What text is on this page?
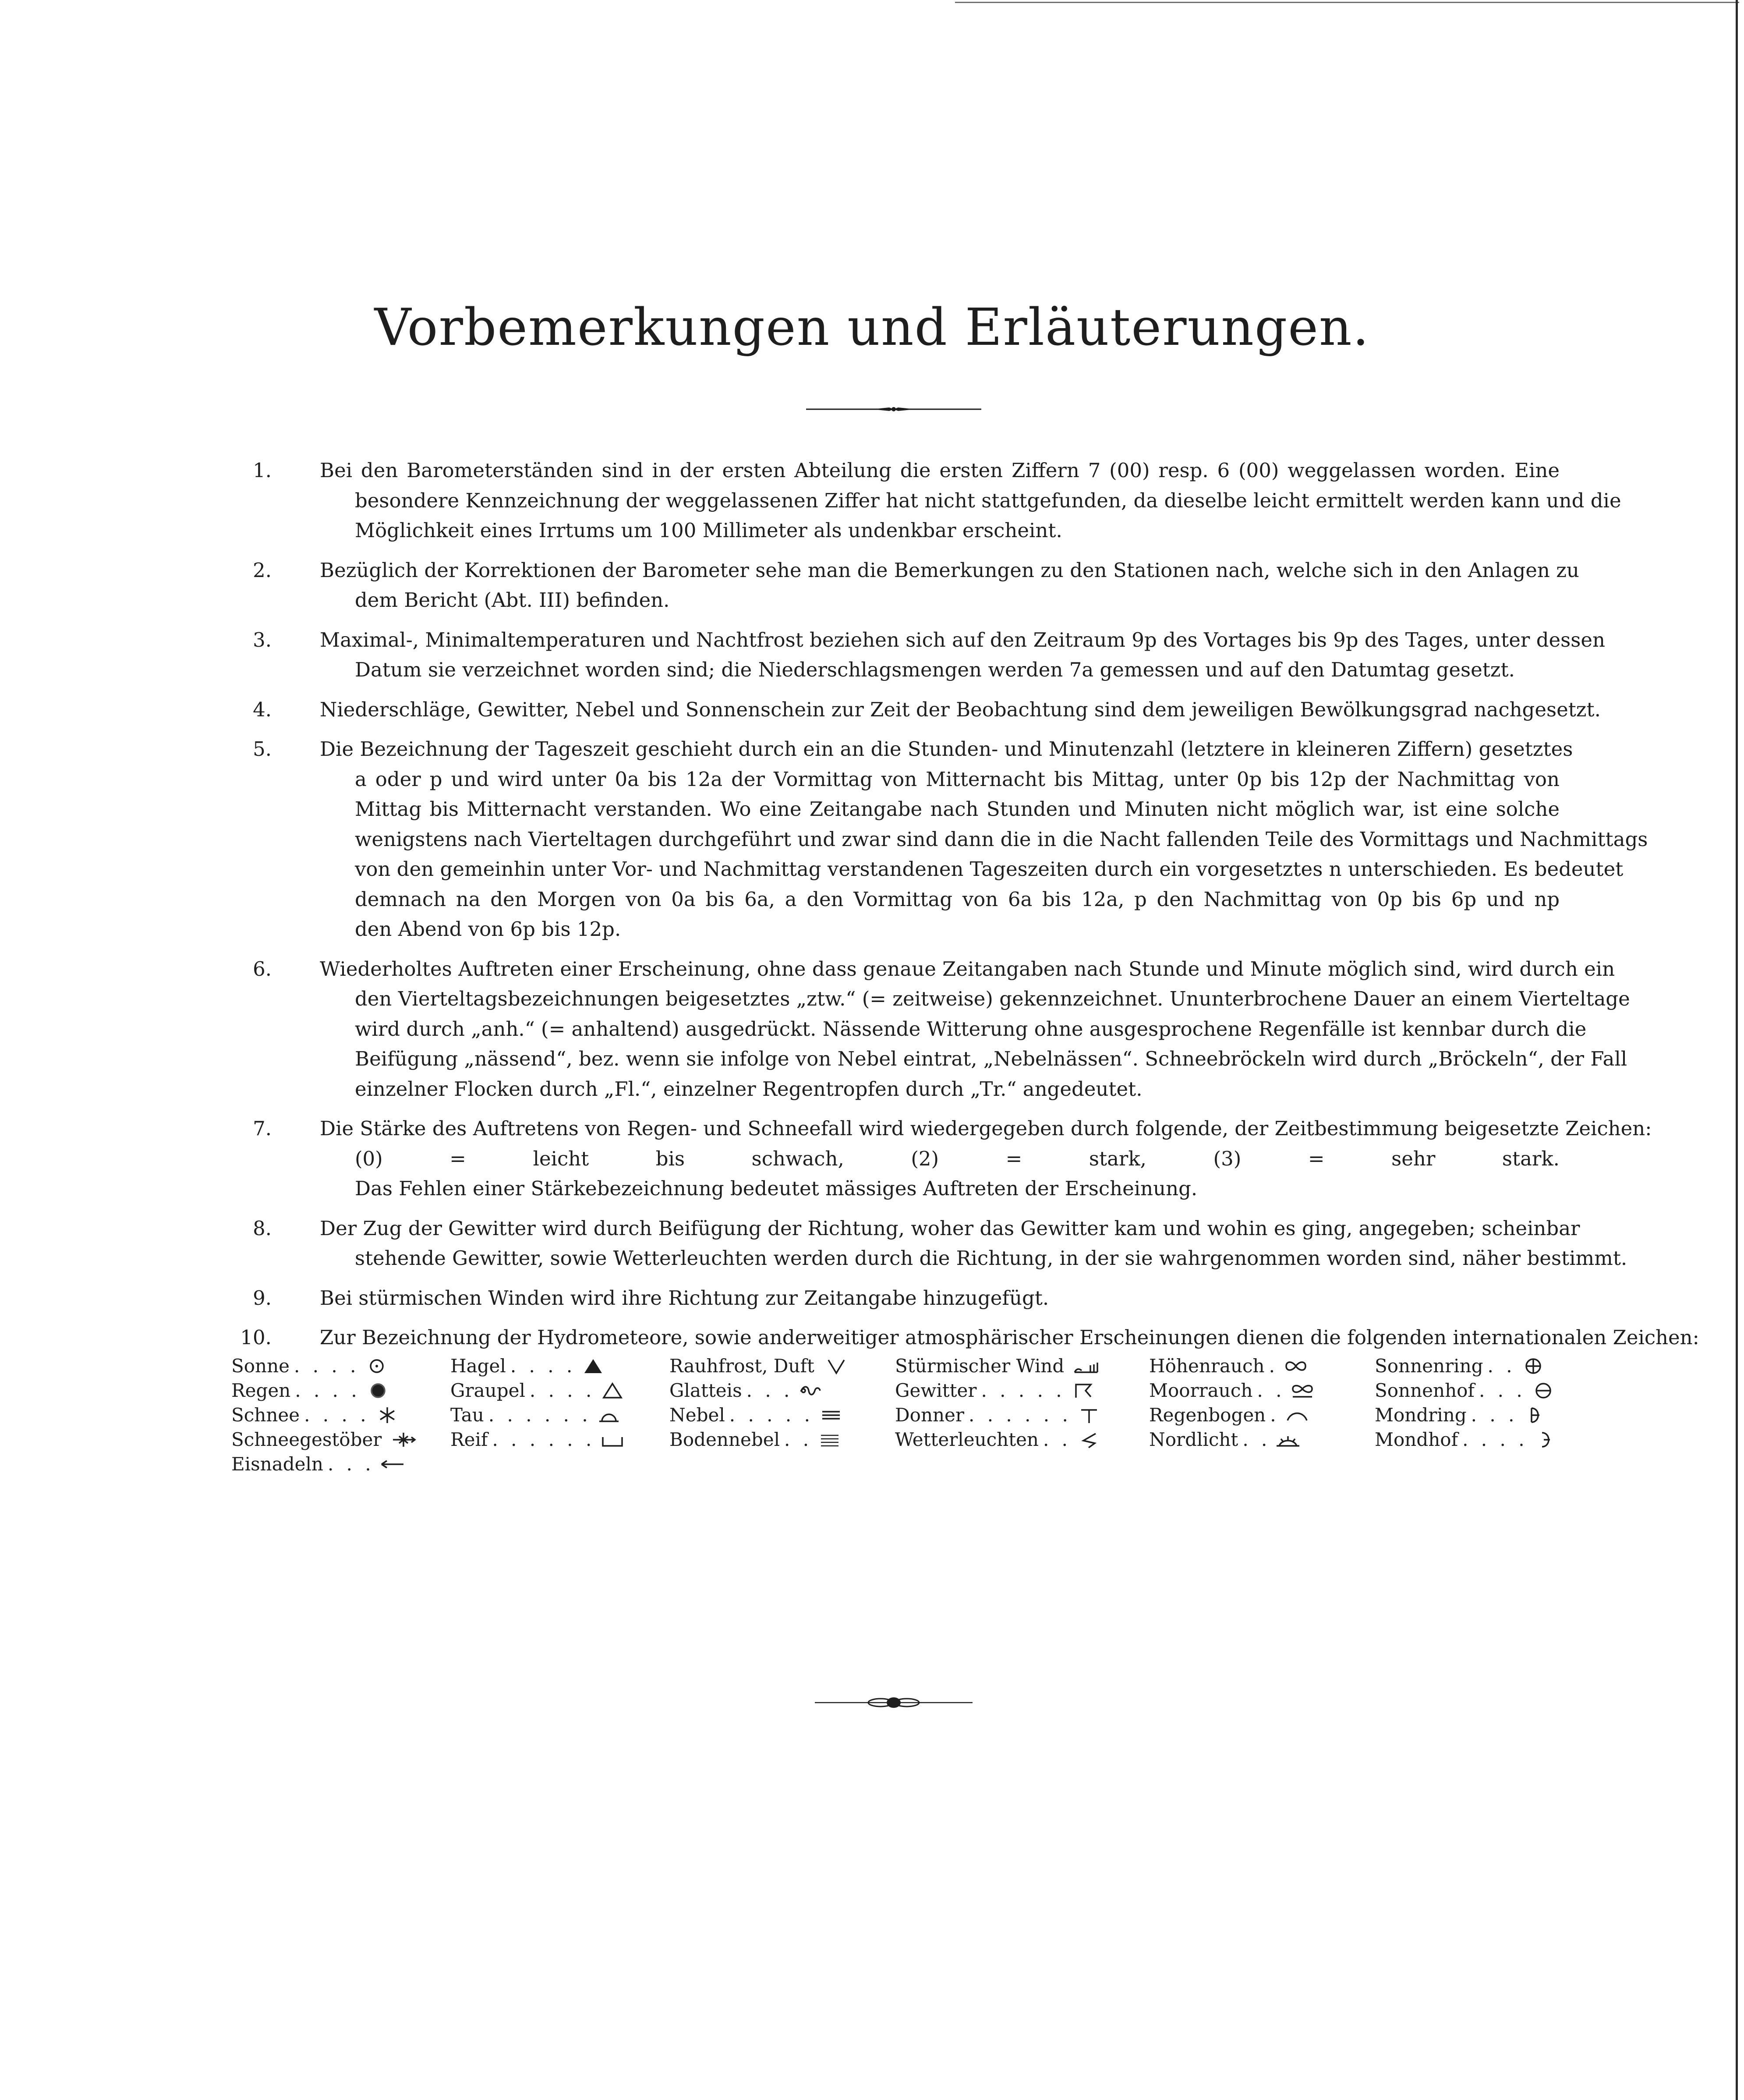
Vorbemerkungen und Erläuterungen.
1. Bei den Barometerständen sind in der ersten Abteilung die ersten Ziffern 7 (00) resp. 6 (00) weggelassen worden. Eine
besondere Kennzeichnung der weggelassenen Ziffer hat nicht stattgefunden, da dieselbe leicht ermittelt werden kann und die
Möglichkeit eines Irrtums um 100 Millimeter als undenkbar erscheint.
2. Bezüglich der Korrektionen der Barometer sehe man die Bemerkungen zu den Stationen nach, welche sich in den Anlagen zu
dem Bericht (Abt. III) befinden.
3. Maximal-, Minimaltemperaturen und Nachtfrost beziehen sich auf den Zeitraum 9p des Vortages bis 9p des Tages, unter dessen
Datum sie verzeichnet worden sind; die Niederschlagsmengen werden 7a gemessen und auf den Datumtag gesetzt.
4. Niederschläge, Gewitter, Nebel und Sonnenschein zur Zeit der Beobachtung sind dem jeweiligen Bewölkungsgrad nachgesetzt.
5. Die Bezeichnung der Tageszeit geschieht durch ein an die Stunden- und Minutenzahl (letztere in kleineren Ziffern) gesetztes
a oder p und wird unter 0a bis 12a der Vormittag von Mitternacht bis Mittag, unter 0p bis 12p der Nachmittag von
Mittag bis Mitternacht verstanden. Wo eine Zeitangabe nach Stunden und Minuten nicht möglich war, ist eine solche
wenigstens nach Vierteltagen durchgeführt und zwar sind dann die in die Nacht fallenden Teile des Vormittags und Nachmittags
von den gemeinhin unter Vor- und Nachmittag verstandenen Tageszeiten durch ein vorgesetztes n unterschieden. Es bedeutet
demnach na den Morgen von 0a bis 6a, a den Vormittag von 6a bis 12a, p den Nachmittag von 0p bis 6p und np
den Abend von 6p bis 12p.
6. Wiederholtes Auftreten einer Erscheinung, ohne dass genaue Zeitangaben nach Stunde und Minute möglich sind, wird durch ein
den Vierteltagsbezeichnungen beigesetztes „ztw.“ (= zeitweise) gekennzeichnet. Ununterbrochene Dauer an einem Vierteltage
wird durch „anh.“ (= anhaltend) ausgedrückt. Nässende Witterung ohne ausgesprochene Regenfälle ist kennbar durch die
Beifügung „nässend“, bez. wenn sie infolge von Nebel eintrat, „Nebelnässen“. Schneebröckeln wird durch „Bröckeln“, der Fall
einzelner Flocken durch „Fl.“, einzelner Regentropfen durch „Tr.“ angedeutet.
7. Die Stärke des Auftretens von Regen- und Schneefall wird wiedergegeben durch folgende, der Zeitbestimmung beigesetzte Zeichen:
(0) = leicht bis schwach, (2) = stark, (3) = sehr stark.
Das Fehlen einer Stärkebezeichnung bedeutet mässiges Auftreten der Erscheinung.
8. Der Zug der Gewitter wird durch Beifügung der Richtung, woher das Gewitter kam und wohin es ging, angegeben; scheinbar
stehende Gewitter, sowie Wetterleuchten werden durch die Richtung, in der sie wahrgenommen worden sind, näher bestimmt.
9. Bei stürmischen Winden wird ihre Richtung zur Zeitangabe hinzugefügt.
10. Zur Bezeichnung der Hydrometeore, sowie anderweitiger atmosphärischer Erscheinungen dienen die folgenden internationalen Zeichen:
Sonne . . . .
Regen . . . .
Schnee . . . .
Schneegestöber
Eisnadeln . . .
Hagel . . . .
Graupel . . . .
Tau . . . . . .
Reif . . . . . .
Rauhfrost, Duft
Glatteis . . .
Nebel . . . . .
Bodennebel . .
Stürmischer Wind
Gewitter . . . . .
Donner . . . . . .
Wetterleuchten . .
Höhenrauch .
Moorrauch . .
Regenbogen .
Nordlicht . .
Sonnenring . .
Sonnenhof . . .
Mondring . . .
Mondhof . . . .
